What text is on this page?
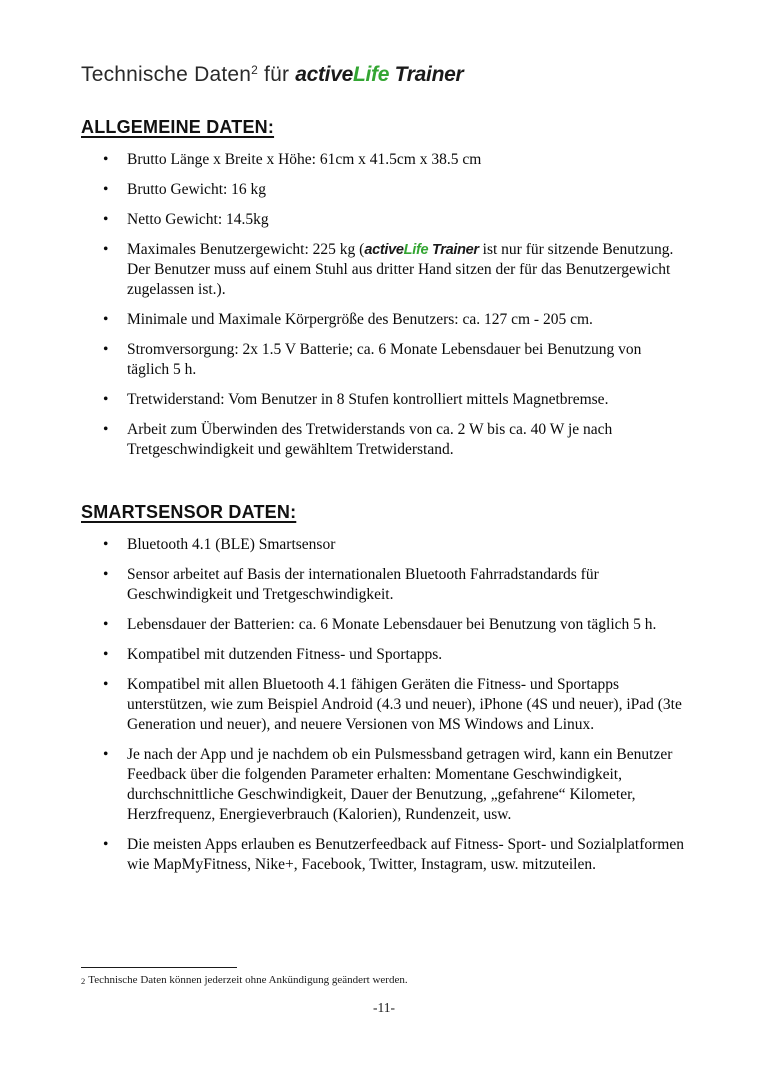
Technische Daten$^2$ für activeLife Trainer
ALLGEMEINE DATEN:
• Brutto Länge x Breite x Höhe: 61cm x 41.5cm x 38.5 cm
• Brutto Gewicht: 16 kg
• Netto Gewicht: 14.5kg
• Maximales Benutzergewicht: 225 kg (activeLife Trainer ist nur für sitzende Benutzung. Der Benutzer muss auf einem Stuhl aus dritter Hand sitzen der für das Benutzergewicht zugelassen ist.).
• Minimale und Maximale Körpergröße des Benutzers: ca. 127 cm - 205 cm.
• Stromversorgung: 2x 1.5 V Batterie; ca. 6 Monate Lebensdauer bei Benutzung von täglich 5 h.
• Tretwiderstand: Vom Benutzer in 8 Stufen kontrolliert mittels Magnetbremse.
• Arbeit zum Überwinden des Tretwiderstands von ca. 2 W bis ca. 40 W je nach Tretgeschwindigkeit und gewähltem Tretwiderstand.
SMARTSENSOR DATEN:
• Bluetooth 4.1 (BLE) Smartsensor
• Sensor arbeitet auf Basis der internationalen Bluetooth Fahrradstandards für Geschwindigkeit und Tretgeschwindigkeit.
• Lebensdauer der Batterien: ca. 6 Monate Lebensdauer bei Benutzung von täglich 5 h.
• Kompatibel mit dutzenden Fitness- und Sportapps.
• Kompatibel mit allen Bluetooth 4.1 fähigen Geräten die Fitness- und Sportapps unterstützen, wie zum Beispiel Android (4.3 und neuer), iPhone (4S und neuer), iPad (3te Generation und neuer), and neuere Versionen von MS Windows and Linux.
• Je nach der App und je nachdem ob ein Pulsmessband getragen wird, kann ein Benutzer Feedback über die folgenden Parameter erhalten: Momentane Geschwindigkeit, durchschnittliche Geschwindigkeit, Dauer der Benutzung, „gefahrene“ Kilometer, Herzfrequenz, Energieverbrauch (Kalorien), Rundenzeit, usw.
• Die meisten Apps erlauben es Benutzerfeedback auf Fitness- Sport- und Sozialplatformen wie MapMyFitness, Nike+, Facebook, Twitter, Instagram, usw. mitzuteilen.
2 Technische Daten können jederzeit ohne Ankündigung geändert werden.
-11-
